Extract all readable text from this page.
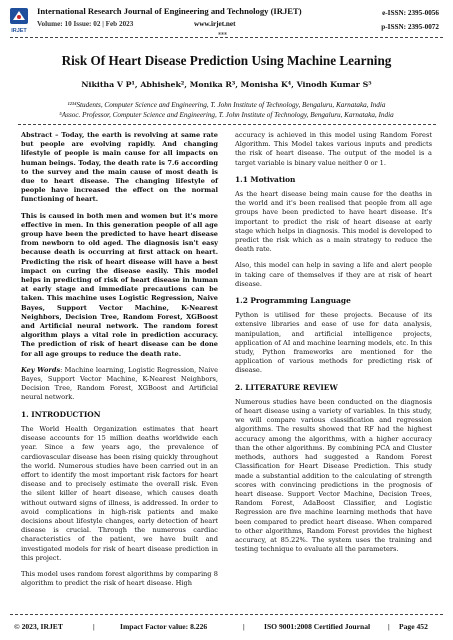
IRJET
International Research Journal of Engineering and Technology (IRJET)
Volume: 10 Issue: 02 | Feb 2023	www.irjet.net
e-ISSN: 2395-0056
p-ISSN: 2395-0072
***
Risk Of Heart Disease Prediction Using Machine Learning
Nikitha V P¹, Abhishek², Monika R³, Monisha K⁴, Vinodh Kumar S⁵
¹²³⁴Students, Computer Science and Engineering, T. John Institute of Technology, Bengaluru, Karnataka, India
⁵Assoc. Professor, Computer Science and Engineering, T. John Institute of Technology, Bengaluru, Karnataka, India

Abstract – Today, the earth is revolving at same rate but people are evolving rapidly. And changing lifestyle of people is main cause for all impacts on human beings. Today, the death rate is 7.6 according to the survey and the main cause of most death is due to heart disease. The changing lifestyle of people have increased the effect on the normal functioning of heart.

This is caused in both men and women but it's more effective in men. In this generation people of all age group have been the predicted to have heart disease from newborn to old aged. The diagnosis isn't easy because death is occurring at first attack on heart. Predicting the risk of heart disease will have a best impact on curing the disease easily. This model helps in predicting of risk of heart disease in human at early stage and immediate precautions can be taken. This machine uses Logistic Regression, Naive Bayes, Support Vector Machine, K-Nearest Neighbors, Decision Tree, Random Forest, XGBoost and Artificial neural network. The random forest algorithm plays a vital role in prediction accuracy. The prediction of risk of heart disease can be done for all age groups to reduce the death rate.

Key Words: Machine learning, Logistic Regression, Naive Bayes, Support Vector Machine, K-Nearest Neighbors, Decision Tree, Random Forest, XGBoost and Artificial neural network.

1. INTRODUCTION

The World Health Organization estimates that heart disease accounts for 15 million deaths worldwide each year. Since a few years ago, the prevalence of cardiovascular disease has been rising quickly throughout the world. Numerous studies have been carried out in an effort to identify the most important risk factors for heart disease and to precisely estimate the overall risk. Even the silent killer of heart disease, which causes death without outward signs of illness, is addressed. In order to avoid complications in high-risk patients and make decisions about lifestyle changes, early detection of heart disease is crucial. Through the numerous cardiac characteristics of the patient, we have built and investigated models for risk of heart disease prediction in this project.

This model uses random forest algorithms by comparing 8 algorithm to predict the risk of heart disease. High

accuracy is achieved in this model using Random Forest Algorithm. This Model takes various inputs and predicts the risk of heart disease. The output of the model is a target variable is binary value neither 0 or 1.

1.1 Motivation

As the heart disease being main cause for the deaths in the world and it's been realised that people from all age groups have been predicted to have heart disease. It's important to predict the risk of heart disease at early stage which helps in diagnosis. This model is developed to predict the risk which as a main strategy to reduce the death rate.

Also, this model can help in saving a life and alert people in taking care of themselves if they are at risk of heart disease.

1.2 Programming Language

Python is utilised for these projects. Because of its extensive libraries and ease of use for data analysis, manipulation, and artificial intelligence projects, application of AI and machine learning models, etc. In this study, Python frameworks are mentioned for the application of various methods for predicting risk of disease.

2. LITERATURE REVIEW

Numerous studies have been conducted on the diagnosis of heart disease using a variety of variables. In this study, we will compare various classification and regression algorithms. The results showed that RF had the highest accuracy among the algorithms, with a higher accuracy than the other algorithms. By combining PCA and Cluster methods, authors had suggested a Random Forest Classification for Heart Disease Prediction. This study made a substantial addition to the calculating of strength scores with convincing predictions in the prognosis of heart disease. Support Vector Machine, Decision Trees, Random Forest, AdaBoost Classifier, and Logistic Regression are five machine learning methods that have been compared to predict heart disease. When compared to other algorithms, Random Forest provides the highest accuracy, at 85.22%. The system uses the training and testing technique to evaluate all the parameters.

© 2023, IRJET	|	Impact Factor value: 8.226	|	ISO 9001:2008 Certified Journal | Page 452
